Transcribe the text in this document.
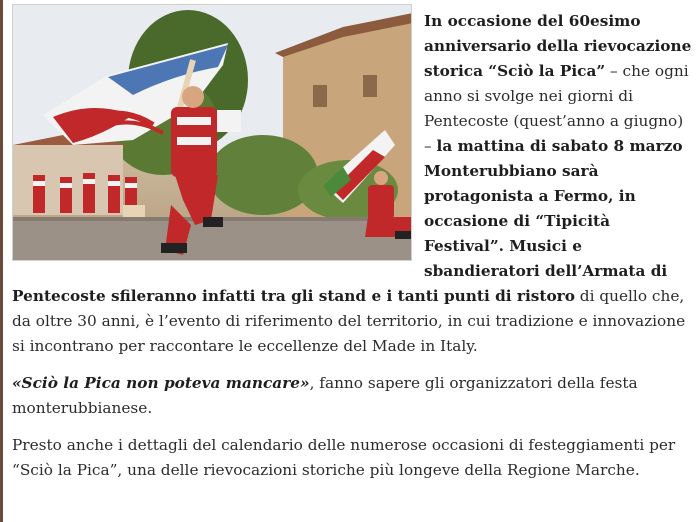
In occasione del 60esimo anniversario della rievocazione storica “Sciò la Pica” – che ogni anno si svolge nei giorni di Pentecoste (quest’anno a giugno) – la mattina di sabato 8 marzo Monterubbiano sarà protagonista a Fermo, in occasione di “Tipicità Festival”. Musici e sbandieratori dell’Armata di Pentecoste sfileranno infatti tra gli stand e i tanti punti di ristoro di quello che, da oltre 30 anni, è l’evento di riferimento del territorio, in cui tradizione e innovazione si incontrano per raccontare le eccellenze del Made in Italy.

«Sciò la Pica non poteva mancare», fanno sapere gli organizzatori della festa monterubbianese.

Presto anche i dettagli del calendario delle numerose occasioni di festeggiamenti per “Sciò la Pica”, una delle rievocazioni storiche più longeve della Regione Marche.
